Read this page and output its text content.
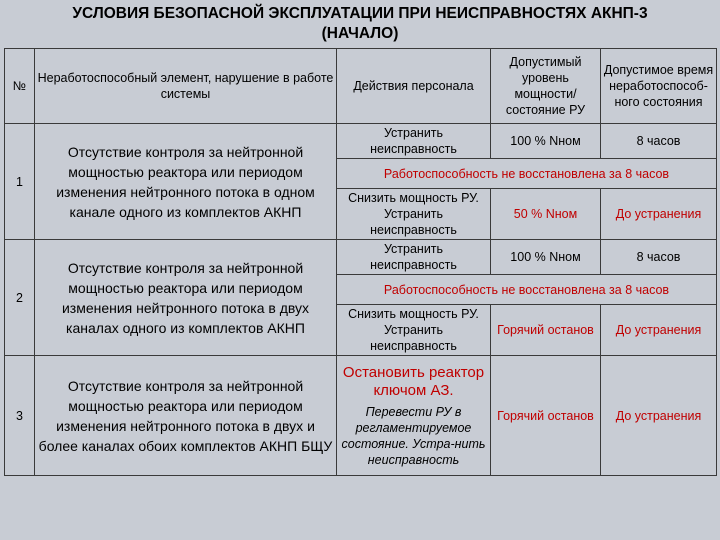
УСЛОВИЯ БЕЗОПАСНОЙ ЭКСПЛУАТАЦИИ ПРИ НЕИСПРАВНОСТЯХ АКНП-3
(НАЧАЛО)
№	Неработоспособный элемент, нарушение в работе системы	Действия персонала	Допустимый уровень мощности/ состояние РУ	Допустимое время неработоспособ-ного состояния
1	Отсутствие контроля за нейтронной мощностью реактора или периодом изменения нейтронного потока в одном канале одного из комплектов АКНП	Устранить неисправность	100 % Nном	8 часов
		Работоспособность не восстановлена за 8 часов		
		Снизить мощность РУ. Устранить неисправность	50 % Nном	До устранения
2	Отсутствие контроля за нейтронной мощностью реактора или периодом изменения нейтронного потока в двух каналах одного из комплектов АКНП	Устранить неисправность	100 % Nном	8 часов
		Работоспособность не восстановлена за 8 часов		
		Снизить мощность РУ. Устранить неисправность	Горячий останов	До устранения
3	Отсутствие контроля за нейтронной мощностью реактора или периодом изменения нейтронного потока в двух и более каналах обоих комплектов АКНП БЩУ	Остановить реактор ключом АЗ.
Перевести РУ в регламентируемое состояние. Устра-нить неисправность	Горячий останов	До устранения
